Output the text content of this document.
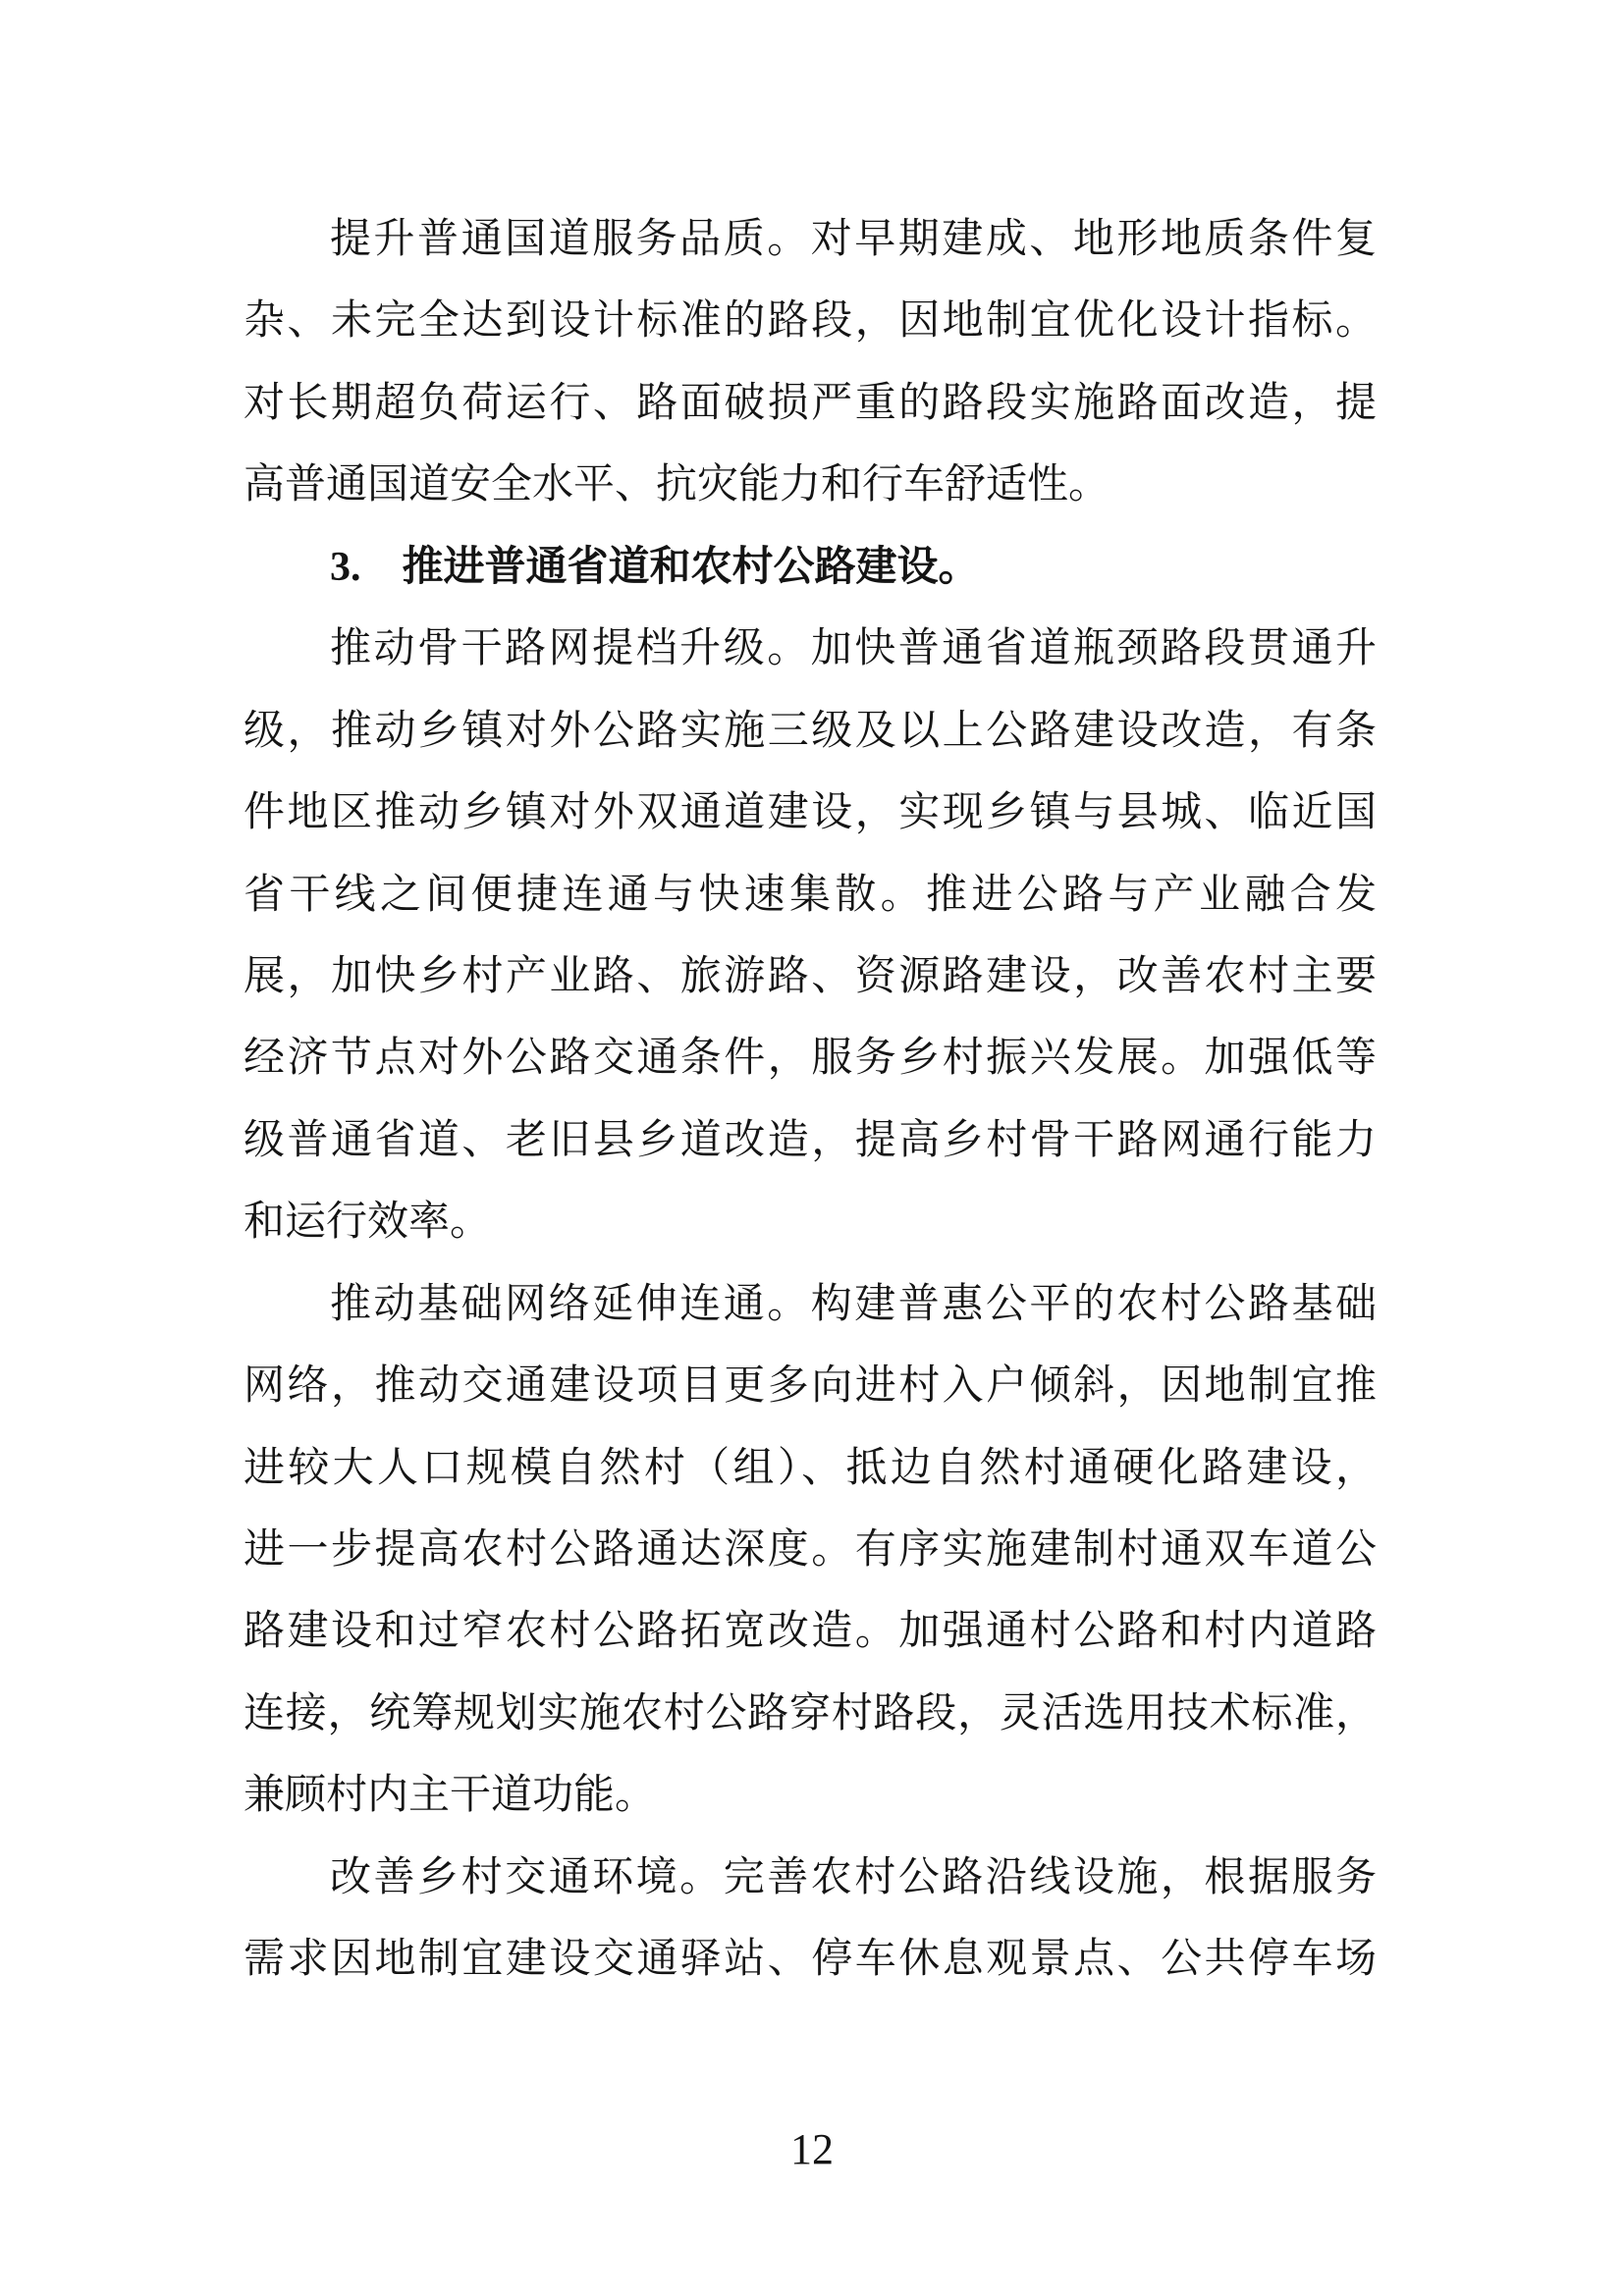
提升普通国道服务品质。对早期建成、地形地质条件复
杂、未完全达到设计标准的路段，因地制宜优化设计指标。
对长期超负荷运行、路面破损严重的路段实施路面改造，提
高普通国道安全水平、抗灾能力和行车舒适性。
3.　推进普通省道和农村公路建设。
推动骨干路网提档升级。加快普通省道瓶颈路段贯通升
级，推动乡镇对外公路实施三级及以上公路建设改造，有条
件地区推动乡镇对外双通道建设，实现乡镇与县城、临近国
省干线之间便捷连通与快速集散。推进公路与产业融合发
展，加快乡村产业路、旅游路、资源路建设，改善农村主要
经济节点对外公路交通条件，服务乡村振兴发展。加强低等
级普通省道、老旧县乡道改造，提高乡村骨干路网通行能力
和运行效率。
推动基础网络延伸连通。构建普惠公平的农村公路基础
网络，推动交通建设项目更多向进村入户倾斜，因地制宜推
进较大人口规模自然村（组）、抵边自然村通硬化路建设，
进一步提高农村公路通达深度。有序实施建制村通双车道公
路建设和过窄农村公路拓宽改造。加强通村公路和村内道路
连接，统筹规划实施农村公路穿村路段，灵活选用技术标准，
兼顾村内主干道功能。
改善乡村交通环境。完善农村公路沿线设施，根据服务
需求因地制宜建设交通驿站、停车休息观景点、公共停车场
12
